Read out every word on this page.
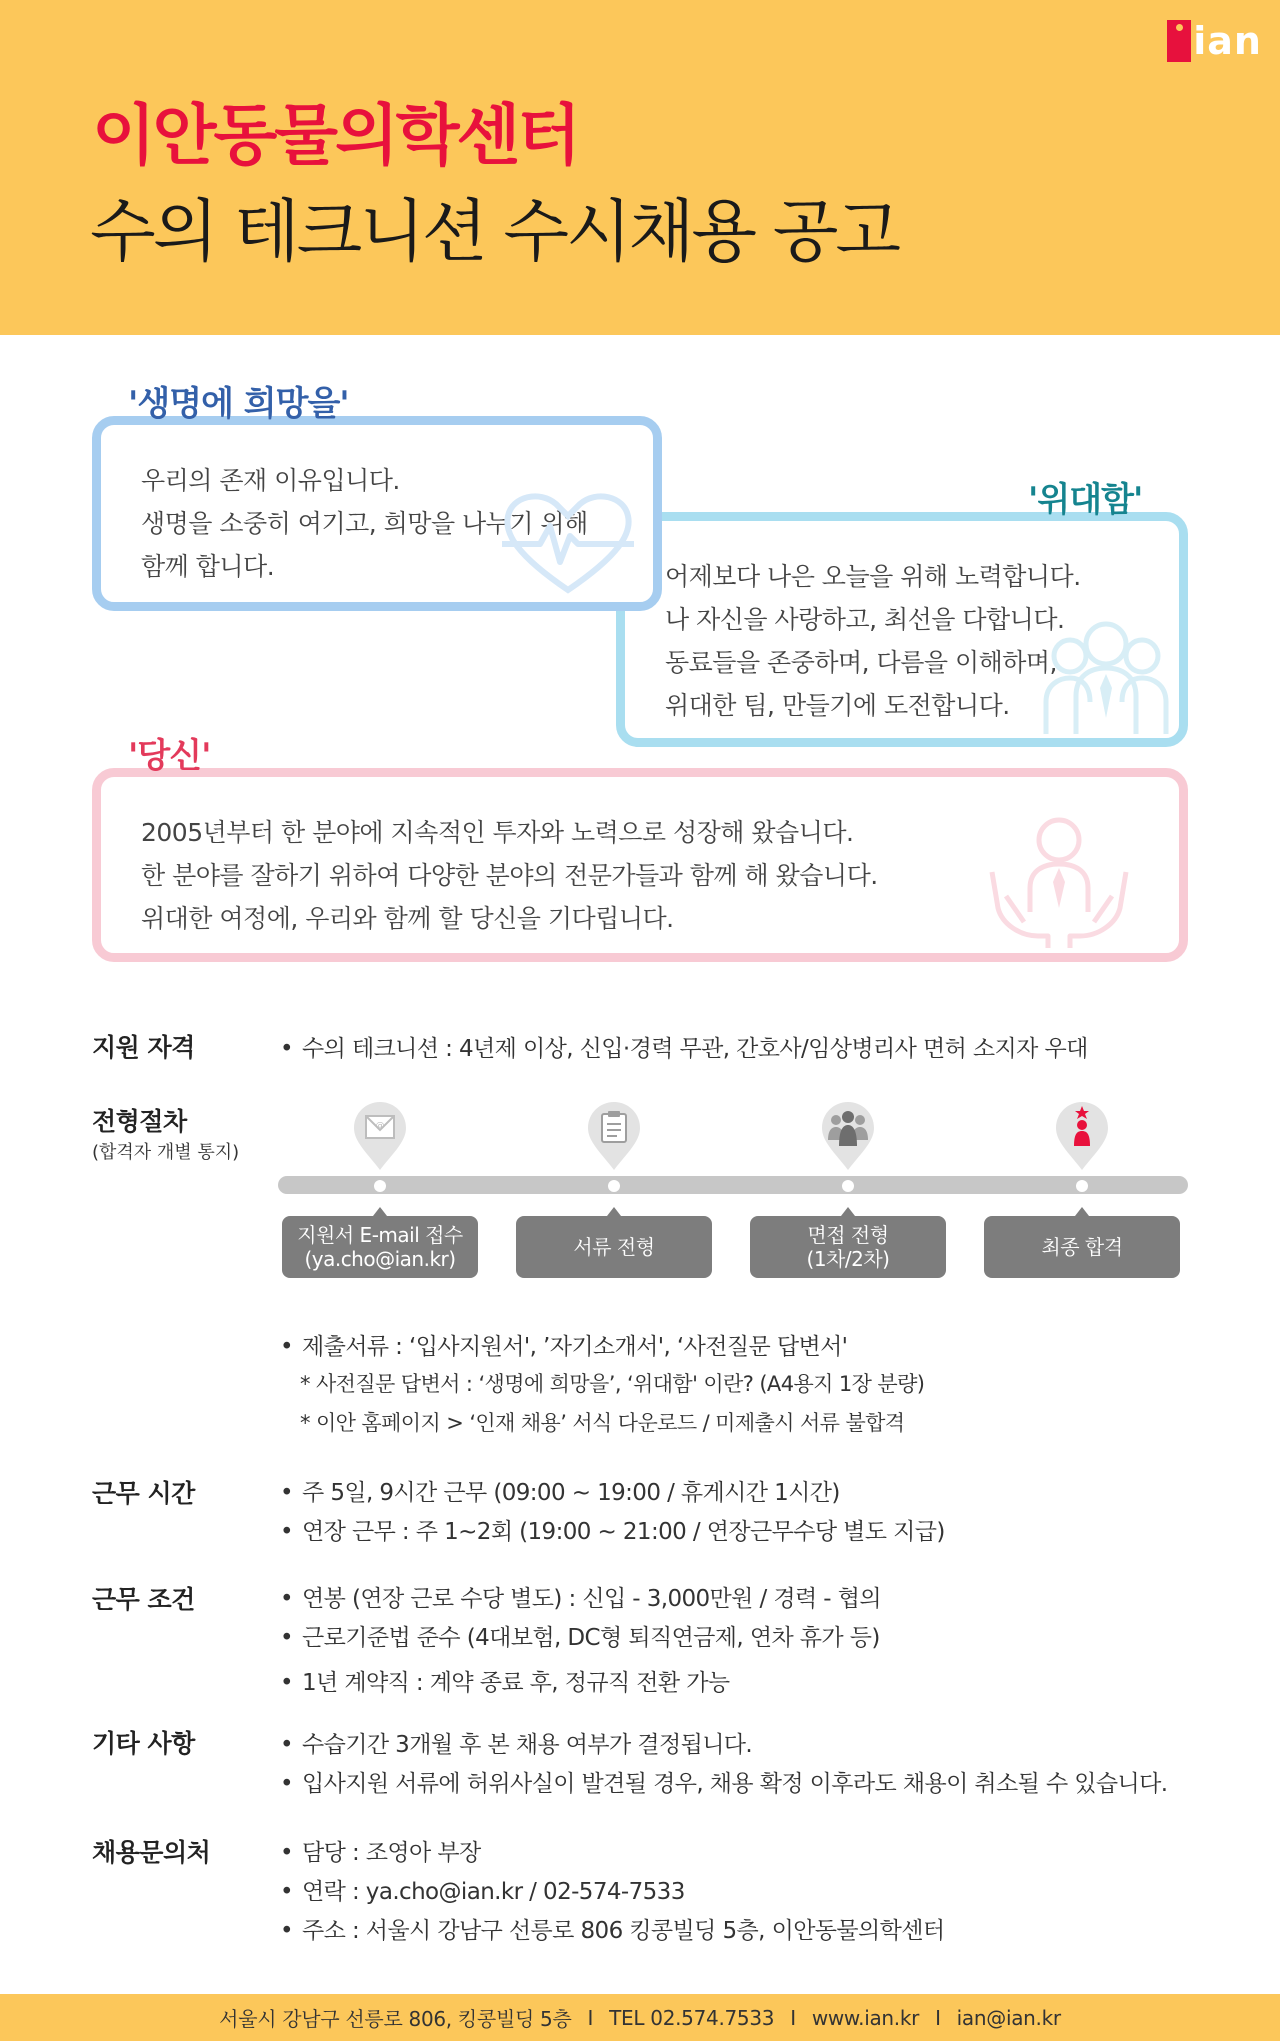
ian
이안동물의학센터
수의 테크니션 수시채용 공고
'생명에 희망을'

우리의 존재 이유입니다.

생명을 소중히 여기고, 희망을 나누기 위해

함께 합니다.

'위대함'

어제보다 나은 오늘을 위해 노력합니다.

나 자신을 사랑하고, 최선을 다합니다.

동료들을 존중하며, 다름을 이해하며,

위대한 팀, 만들기에 도전합니다.

'당신'

2005년부터 한 분야에 지속적인 투자와 노력으로 성장해 왔습니다.

한 분야를 잘하기 위하여 다양한 분야의 전문가들과 함께 해 왔습니다.

위대한 여정에, 우리와 함께 할 당신을 기다립니다.

지원 자격	• 수의 테크니션 : 4년제 이상, 신입·경력 무관, 간호사/임상병리사 면허 소지자 우대
전형절차
(합격자 개별 통지)
@
지원서 E-mail 접수
(ya.cho@ian.kr)	서류 전형	면접 전형
(1차/2차)	최종 합격
• 제출서류 : ‘입사지원서', ’자기소개서', ‘사전질문 답변서'
* 사전질문 답변서 : ‘생명에 희망을’, ‘위대함' 이란? (A4용지 1장 분량)
* 이안 홈페이지 > ‘인재 채용’ 서식 다운로드 / 미제출시 서류 불합격
근무 시간	• 주 5일, 9시간 근무 (09:00 ~ 19:00 / 휴게시간 1시간)
• 연장 근무 : 주 1~2회 (19:00 ~ 21:00 / 연장근무수당 별도 지급)
근무 조건	• 연봉 (연장 근로 수당 별도) : 신입 - 3,000만원 / 경력 - 협의
• 근로기준법 준수 (4대보험, DC형 퇴직연금제, 연차 휴가 등)
• 1년 계약직 : 계약 종료 후, 정규직 전환 가능
기타 사항	• 수습기간 3개월 후 본 채용 여부가 결정됩니다.
• 입사지원 서류에 허위사실이 발견될 경우, 채용 확정 이후라도 채용이 취소될 수 있습니다.
채용문의처	• 담당 : 조영아 부장
• 연락 : ya.cho@ian.kr / 02-574-7533
• 주소 : 서울시 강남구 선릉로 806 킹콩빌딩 5층, 이안동물의학센터
서울시 강남구 선릉로 806, 킹콩빌딩 5층 I TEL 02.574.7533 I www.ian.kr I ian@ian.kr
